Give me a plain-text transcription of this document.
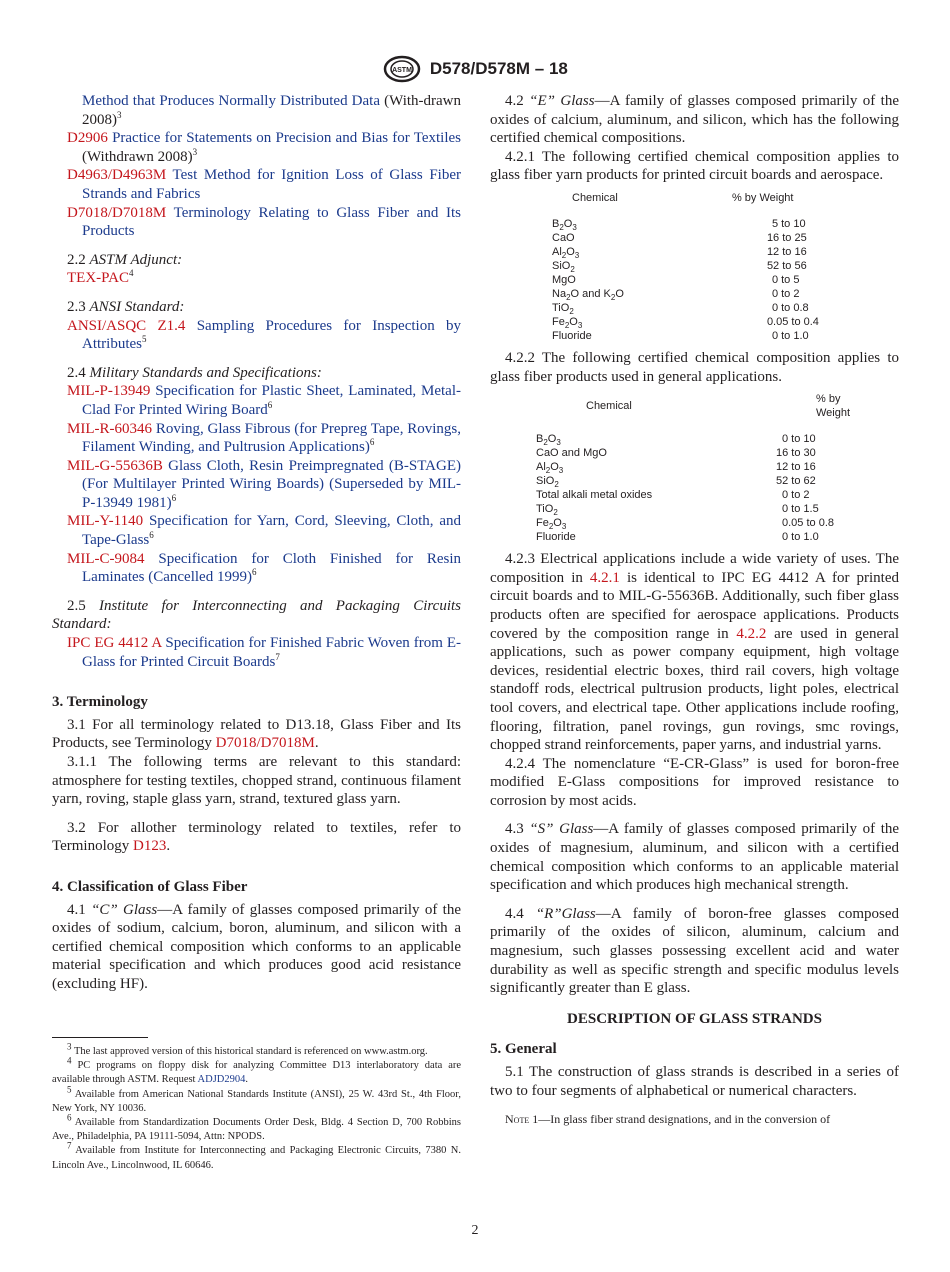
ASTM D578/D578M – 18

Method that Produces Normally Distributed Data (With-drawn 2008)$^3$

D2906 Practice for Statements on Precision and Bias for Textiles (Withdrawn 2008)$^3$

D4963/D4963M Test Method for Ignition Loss of Glass Fiber Strands and Fabrics

D7018/D7018M Terminology Relating to Glass Fiber and Its Products

2.2 ASTM Adjunct:

TEX-PAC$^4$

2.3 ANSI Standard:

ANSI/ASQC Z1.4 Sampling Procedures for Inspection by Attributes$^5$

2.4 Military Standards and Specifications:

MIL-P-13949 Specification for Plastic Sheet, Laminated, Metal-Clad For Printed Wiring Board$^6$

MIL-R-60346 Roving, Glass Fibrous (for Prepreg Tape, Rovings, Filament Winding, and Pultrusion Applications)$^6$

MIL-G-55636B Glass Cloth, Resin Preimpregnated (B-STAGE) (For Multilayer Printed Wiring Boards) (Superseded by MIL-P-13949 1981)$^6$

MIL-Y-1140 Specification for Yarn, Cord, Sleeving, Cloth, and Tape-Glass$^6$

MIL-C-9084 Specification for Cloth Finished for Resin Laminates (Cancelled 1999)$^6$

2.5 Institute for Interconnecting and Packaging Circuits Standard:

IPC EG 4412 A Specification for Finished Fabric Woven from E-Glass for Printed Circuit Boards$^7$

3. Terminology

3.1 For all terminology related to D13.18, Glass Fiber and Its Products, see Terminology D7018/D7018M.

3.1.1 The following terms are relevant to this standard: atmosphere for testing textiles, chopped strand, continuous filament yarn, roving, staple glass yarn, strand, textured glass yarn.

3.2 For allother terminology related to textiles, refer to Terminology D123.

4. Classification of Glass Fiber

4.1 “C” Glass—A family of glasses composed primarily of the oxides of sodium, calcium, boron, aluminum, and silicon with a certified chemical composition which conforms to an applicable material specification and which produces good acid resistance (excluding HF).

$^3$ The last approved version of this historical standard is referenced on www.astm.org.

$^4$ PC programs on floppy disk for analyzing Committee D13 interlaboratory data are available through ASTM. Request ADJD2904.

$^5$ Available from American National Standards Institute (ANSI), 25 W. 43rd St., 4th Floor, New York, NY 10036.

$^6$ Available from Standardization Documents Order Desk, Bldg. 4 Section D, 700 Robbins Ave., Philadelphia, PA 19111-5094, Attn: NPODS.

$^7$ Available from Institute for Interconnecting and Packaging Electronic Circuits, 7380 N. Lincoln Ave., Lincolnwood, IL 60646.

4.2 “E” Glass—A family of glasses composed primarily of the oxides of calcium, aluminum, and silicon, which has the following certified chemical compositions.

4.2.1 The following certified chemical composition applies to glass fiber yarn products for printed circuit boards and aerospace.

Chemical	% by Weight
$B_2O_3$	5 to 10
CaO	16 to 25
$Al_2O_3$	12 to 16
SiO$_2$	52 to 56
MgO	0 to 5
$Na_2O$ and $K_2O$	0 to 2
TiO$_2$	0 to 0.8
$Fe_2O_3$	0.05 to 0.4
Fluoride	0 to 1.0

4.2.2 The following certified chemical composition applies to glass fiber products used in general applications.

Chemical	% by Weight
$B_2O_3$	0 to 10
CaO and MgO	16 to 30
$Al_2O_3$	12 to 16
SiO$_2$	52 to 62
Total alkali metal oxides	0 to 2
TiO$_2$	0 to 1.5
$Fe_2O_3$	0.05 to 0.8
Fluoride	0 to 1.0

4.2.3 Electrical applications include a wide variety of uses. The composition in 4.2.1 is identical to IPC EG 4412 A for printed circuit boards and to MIL-G-55636B. Additionally, such fiber glass products often are specified for aerospace applications. Products covered by the composition range in 4.2.2 are used in general applications, such as power company equipment, high voltage devices, residential electric boxes, third rail covers, high voltage standoff rods, electrical pultrusion products, light poles, electrical tool covers, and electrical tape. Other applications include roofing, flooring, filtration, panel rovings, gun rovings, smc rovings, chopped strand reinforcements, paper yarns, and industrial yarns.

4.2.4 The nomenclature “E-CR-Glass” is used for boron-free modified E-Glass compositions for improved resistance to corrosion by most acids.

4.3 “S” Glass—A family of glasses composed primarily of the oxides of magnesium, aluminum, and silicon with a certified chemical composition which conforms to an applicable material specification and which produces high mechanical strength.

4.4 “R”Glass—A family of boron-free glasses composed primarily of the oxides of silicon, aluminum, calcium and magnesium, such glasses possessing excellent acid and water durability as well as specific strength and specific modulus levels significantly greater than E glass.

DESCRIPTION OF GLASS STRANDS
5. General

5.1 The construction of glass strands is described in a series of two to four segments of alphabetical or numerical characters.

Note 1—In glass fiber strand designations, and in the conversion of

2
